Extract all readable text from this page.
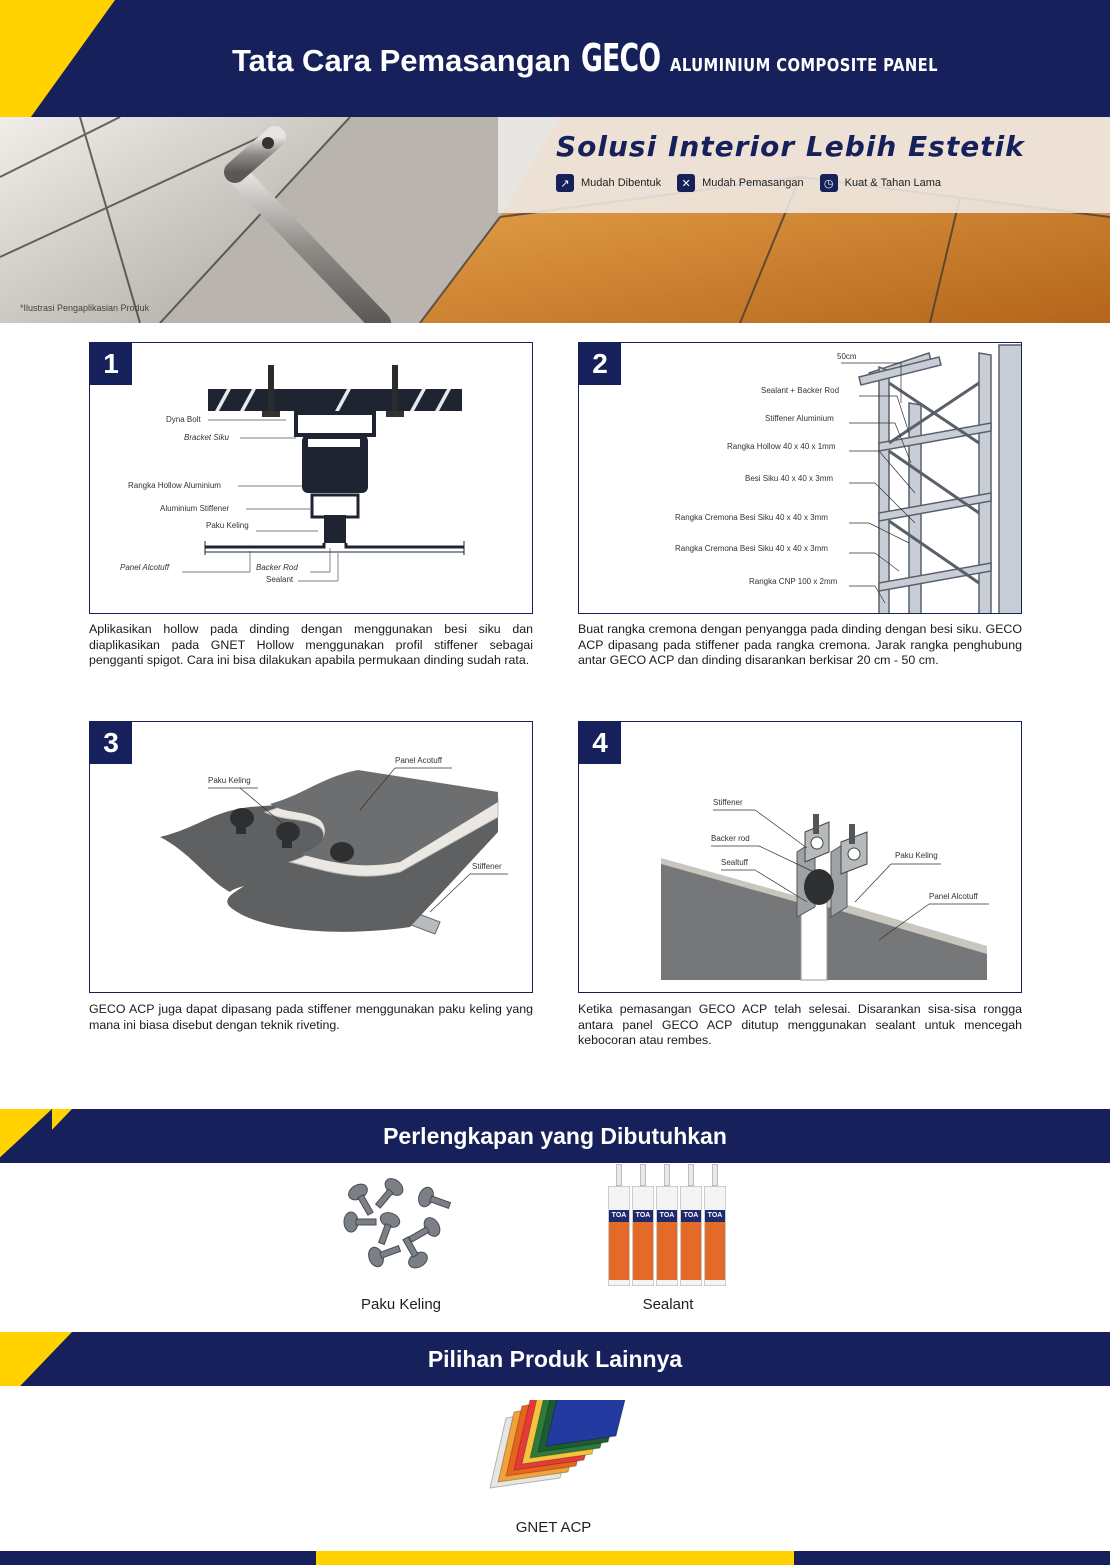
Tata Cara Pemasangan GECO ALUMINIUM COMPOSITE PANEL
Solusi Interior Lebih Estetik
↗	Mudah Dibentuk	✕	Mudah Pemasangan	◷	Kuat & Tahan Lama
*Ilustrasi Pengaplikasian Produk
1
Dyna Bolt
Bracket Siku
Rangka Hollow Aluminium
Aluminium Stiffener
Paku Keling
Panel Alcotuff	Backer Rod
Sealant
Aplikasikan hollow pada dinding dengan menggunakan besi siku dan diaplikasikan pada GNET Hollow menggunakan profil stiffener sebagai pengganti spigot. Cara ini bisa dilakukan apabila permukaan dinding sudah rata.
2	50cm
Sealant + Backer Rod
Stiffener Aluminium
Rangka Hollow 40 x 40 x 1mm
Besi Siku 40 x 40 x 3mm
Rangka Cremona Besi Siku 40 x 40 x 3mm
Rangka Cremona Besi Siku 40 x 40 x 3mm
Rangka CNP 100 x 2mm
Buat rangka cremona dengan penyangga pada dinding dengan besi siku. GECO ACP dipasang pada stiffener pada rangka cremona. Jarak rangka penghubung antar GECO ACP dan dinding disarankan berkisar 20 cm - 50 cm.
3
Paku Keling
Panel Acotuff
Stiffener
GECO ACP juga dapat dipasang pada stiffener menggunakan paku keling yang mana ini biasa disebut dengan teknik riveting.
4
Stiffener
Backer rod
Sealtuff
Paku Keling
Panel Alcotuff
Ketika pemasangan GECO ACP telah selesai. Disarankan sisa-sisa rongga antara panel GECO ACP ditutup menggunakan sealant untuk mencegah kebocoran atau rembes.
Perlengkapan yang Dibutuhkan
Paku Keling
TOA	TOA	TOA	TOA	TOA
Sealant
Pilihan Produk Lainnya
GNET ACP
